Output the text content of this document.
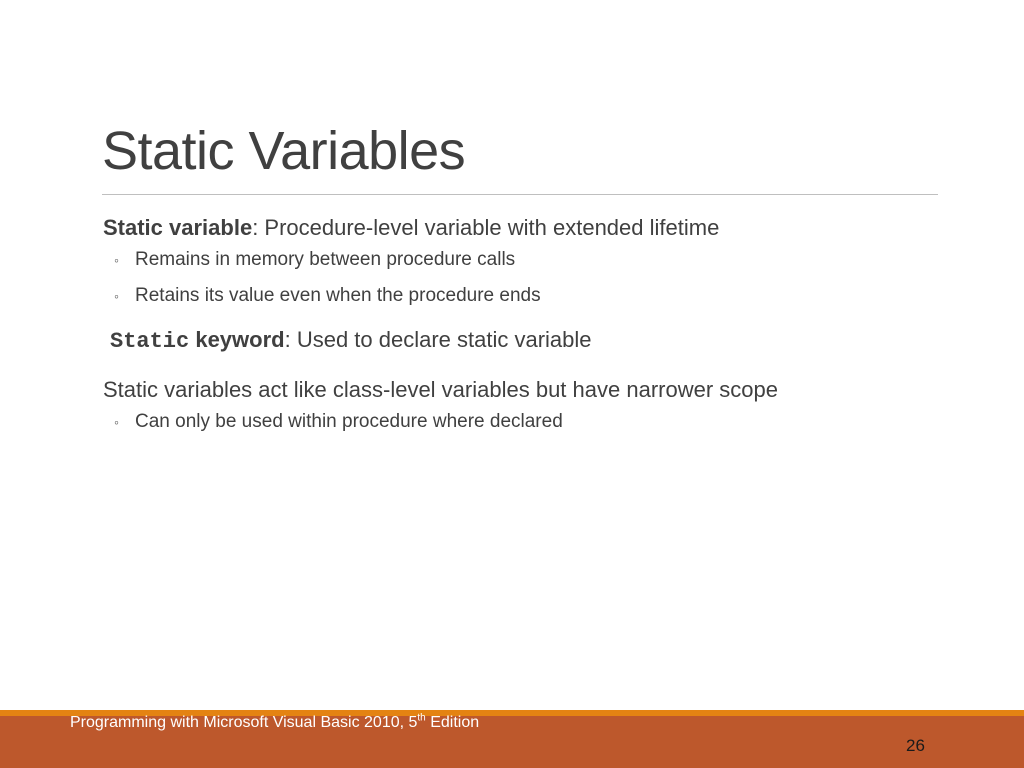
Static Variables
Static variable: Procedure-level variable with extended lifetime
◦ Remains in memory between procedure calls
◦ Retains its value even when the procedure ends
Static keyword: Used to declare static variable
Static variables act like class-level variables but have narrower scope
◦ Can only be used within procedure where declared
Programming with Microsoft Visual Basic 2010, 5th Edition
26
